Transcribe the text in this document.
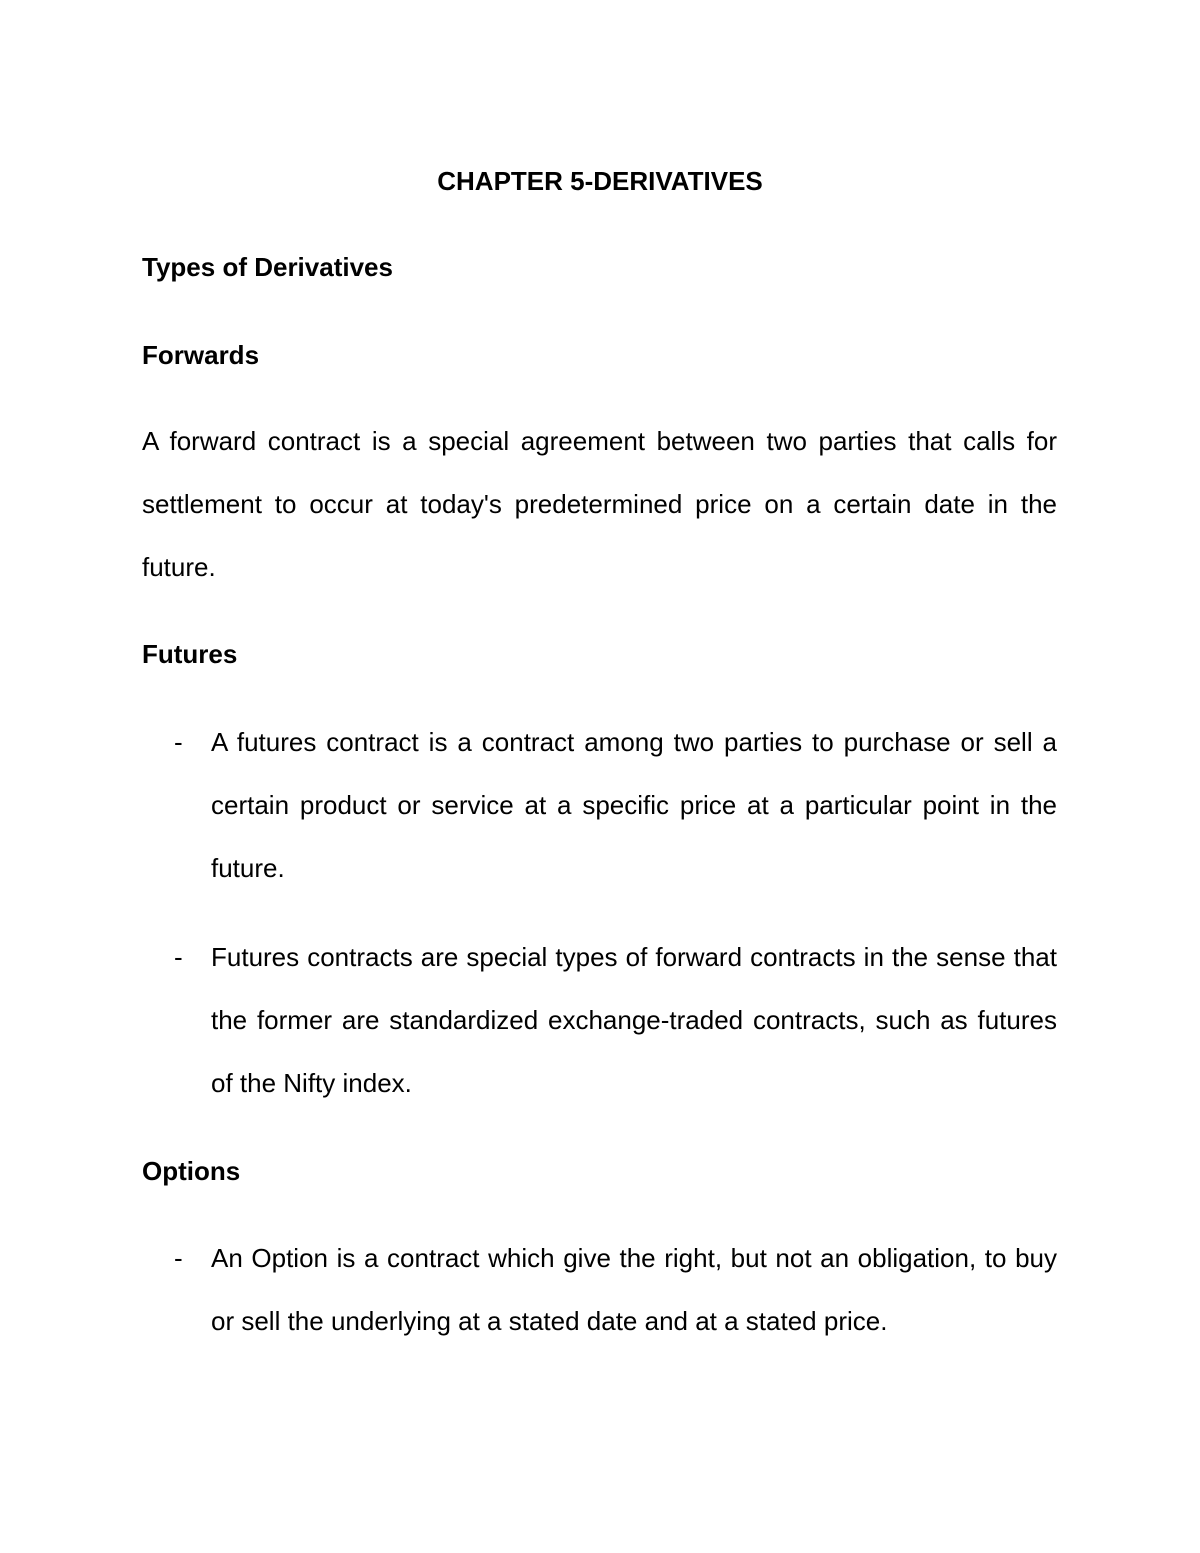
CHAPTER 5-DERIVATIVES
Types of Derivatives
Forwards

A forward contract is a special agreement between two parties that calls for settlement to occur at today's predetermined price on a certain date in the future.

Futures
- A futures contract is a contract among two parties to purchase or sell a certain product or service at a specific price at a particular point in the future.
- Futures contracts are special types of forward contracts in the sense that the former are standardized exchange-traded contracts, such as futures of the Nifty index.
Options
- An Option is a contract which give the right, but not an obligation, to buy or sell the underlying at a stated date and at a stated price.
